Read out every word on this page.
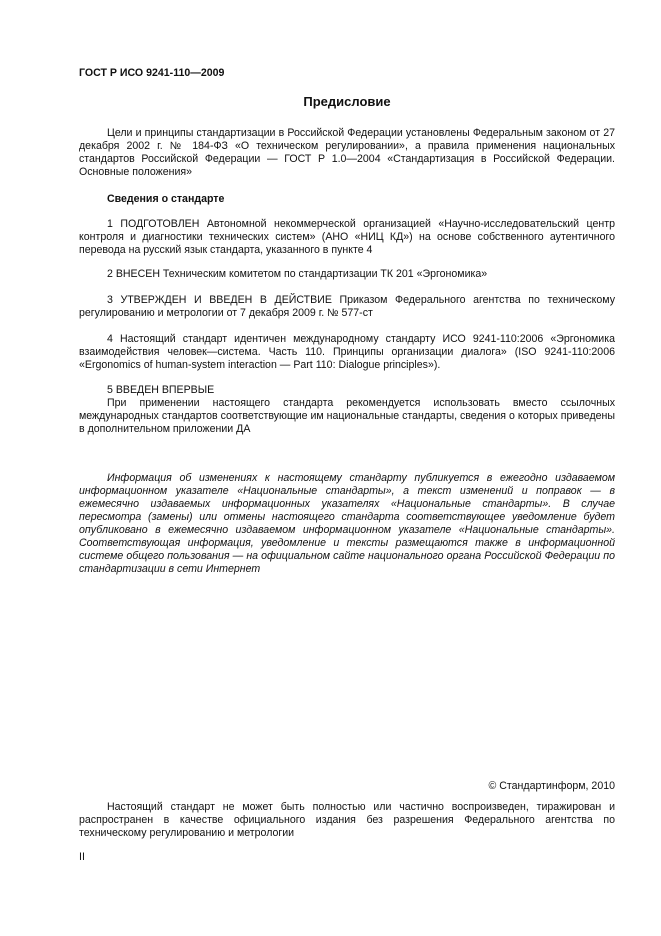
ГОСТ Р ИСО 9241-110—2009
Предисловие

Цели и принципы стандартизации в Российской Федерации установлены Федеральным законом от 27 декабря 2002 г. № 184-ФЗ «О техническом регулировании», а правила применения национальных стандартов Российской Федерации — ГОСТ Р 1.0—2004 «Стандартизация в Российской Федерации. Основные положения»

Сведения о стандарте

1 ПОДГОТОВЛЕН Автономной некоммерческой организацией «Научно-исследовательский центр контроля и диагностики технических систем» (АНО «НИЦ КД») на основе собственного аутентичного перевода на русский язык стандарта, указанного в пункте 4

2 ВНЕСЕН Техническим комитетом по стандартизации ТК 201 «Эргономика»

3 УТВЕРЖДЕН И ВВЕДЕН В ДЕЙСТВИЕ Приказом Федерального агентства по техническому регулированию и метрологии от 7 декабря 2009 г. № 577-ст

4 Настоящий стандарт идентичен международному стандарту ИСО 9241-110:2006 «Эргономика взаимодействия человек—система. Часть 110. Принципы организации диалога» (ISO 9241-110:2006 «Ergonomics of human-system interaction — Part 110: Dialogue principles»).

5 ВВЕДЕН ВПЕРВЫЕ

При применении настоящего стандарта рекомендуется использовать вместо ссылочных международных стандартов соответствующие им национальные стандарты, сведения о которых приведены в дополнительном приложении ДА

Информация об изменениях к настоящему стандарту публикуется в ежегодно издаваемом информационном указателе «Национальные стандарты», а текст изменений и поправок — в ежемесячно издаваемых информационных указателях «Национальные стандарты». В случае пересмотра (замены) или отмены настоящего стандарта соответствующее уведомление будет опубликовано в ежемесячно издаваемом информационном указателе «Национальные стандарты». Соответствующая информация, уведомление и тексты размещаются также в информационной системе общего пользования — на официальном сайте национального органа Российской Федерации по стандартизации в сети Интернет

© Стандартинформ, 2010

Настоящий стандарт не может быть полностью или частично воспроизведен, тиражирован и распространен в качестве официального издания без разрешения Федерального агентства по техническому регулированию и метрологии

II
